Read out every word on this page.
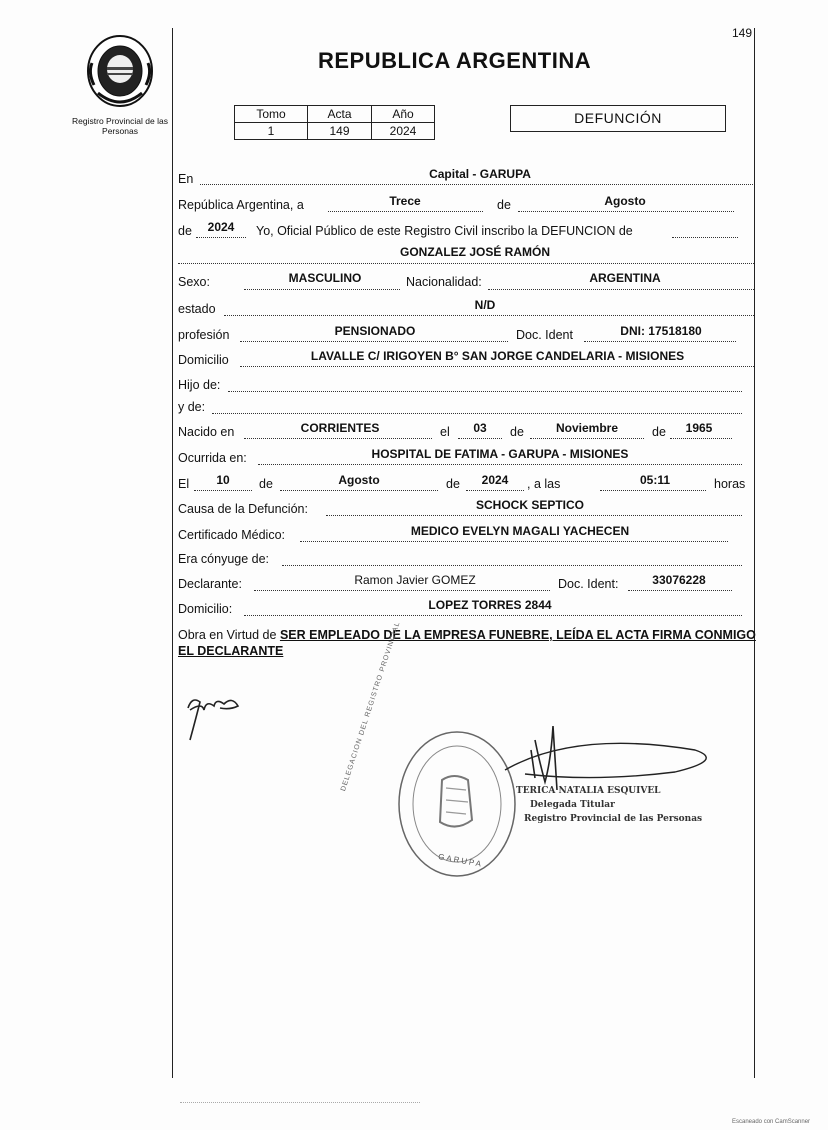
149
Registro Provincial de las Personas
REPUBLICA ARGENTINA
Tomo	Acta	Año
1	149	2024
DEFUNCIÓN
En	Capital - GARUPA
República Argentina, a	Trece	de	Agosto
de	2024	Yo, Oficial Público de este Registro Civil inscribo la DEFUNCION de
GONZALEZ JOSÉ RAMÓN
Sexo:	MASCULINO	Nacionalidad:	ARGENTINA
estado	N/D
profesión	PENSIONADO	Doc. Ident	DNI: 17518180
Domicilio	LAVALLE C/ IRIGOYEN B° SAN JORGE CANDELARIA - MISIONES
Hijo de:
y de:
Nacido en	CORRIENTES	el	03	de	Noviembre	de	1965
Ocurrida en:	HOSPITAL DE FATIMA - GARUPA - MISIONES
El	10	de	Agosto	de	2024	, a las	05:11	horas
Causa de la Defunción:	SCHOCK SEPTICO
Certificado Médico:	MEDICO EVELYN MAGALI YACHECEN
Era cónyuge de:
Declarante:	Ramon Javier GOMEZ	Doc. Ident:	33076228
Domicilio:	LOPEZ TORRES 2844
Obra en Virtud de SER EMPLEADO DE LA EMPRESA FUNEBRE, LEÍDA EL ACTA FIRMA CONMIGO EL DECLARANTE
GARUPA
DELEGACION DEL REGISTRO PROVINCIAL	TERICA NATALIA ESQUIVEL
Delegada Titular
Registro Provincial de las Personas
Escaneado con CamScanner
